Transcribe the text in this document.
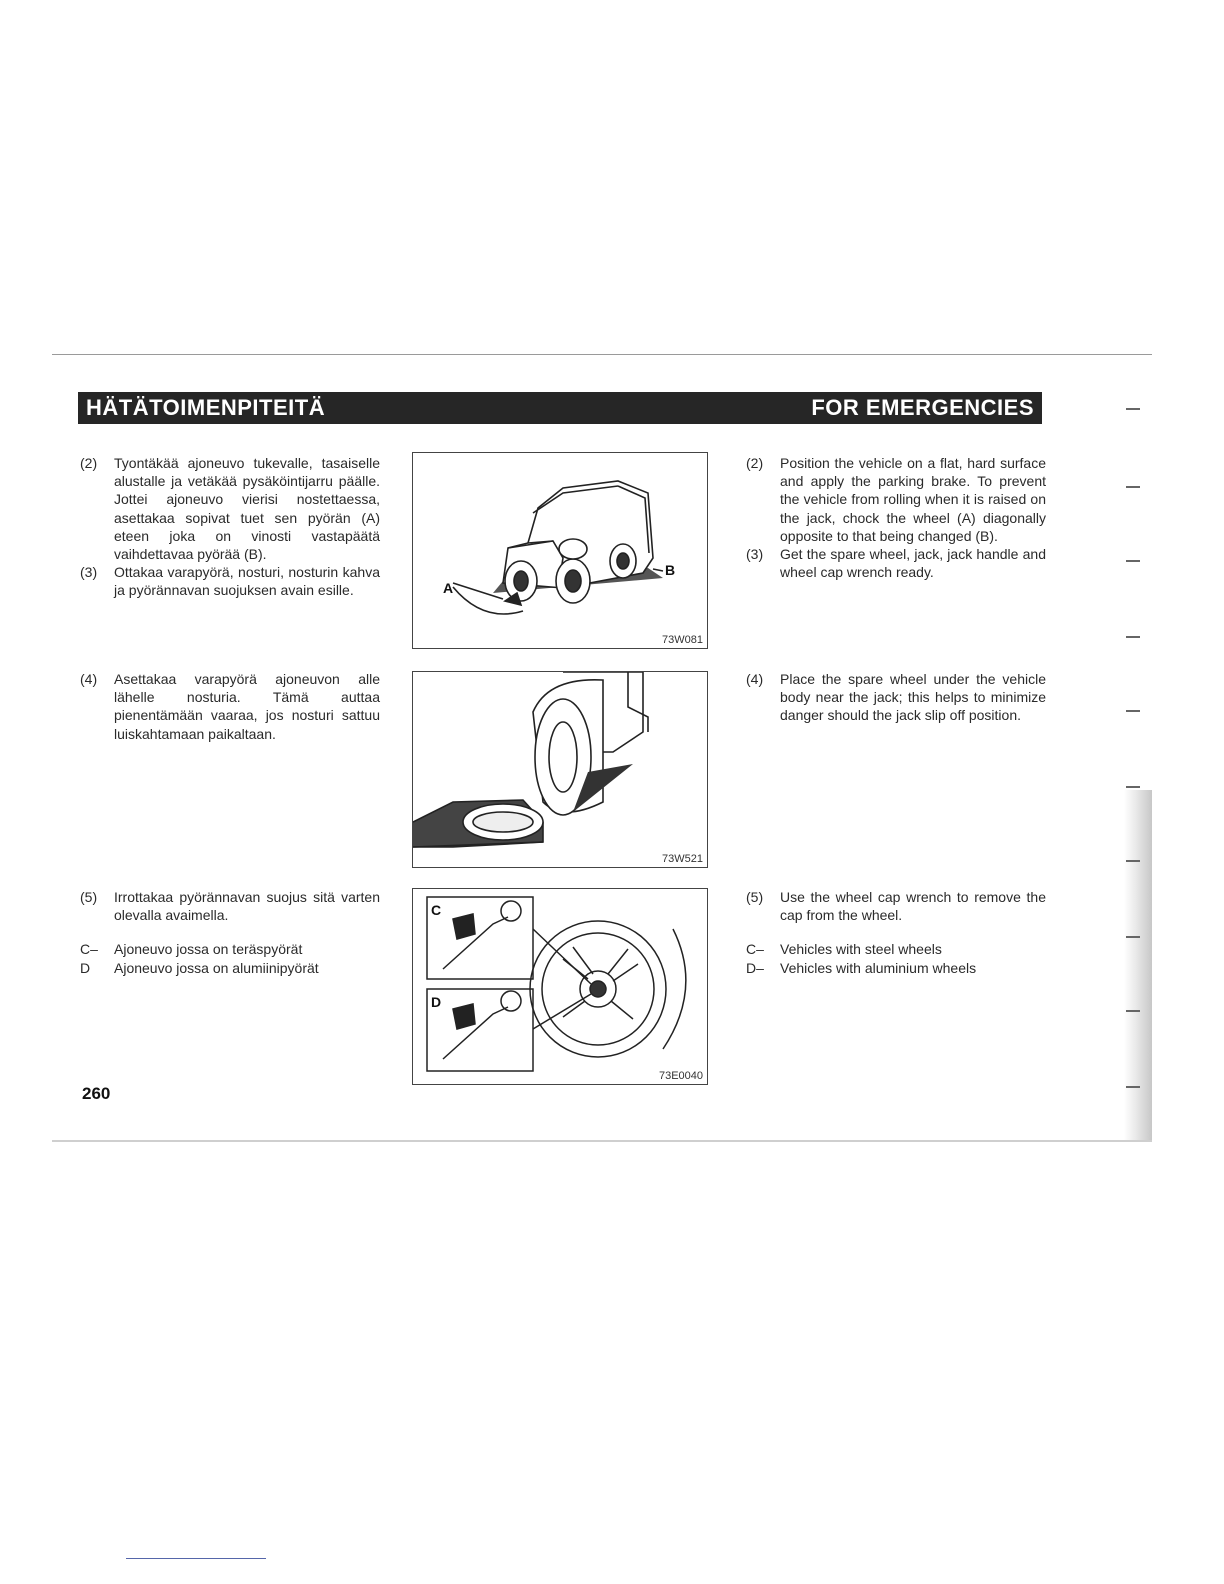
HÄTÄTOIMENPITEITÄ	FOR EMERGENCIES
(2)	Tyontäkää ajoneuvo tukevalle, tasaiselle alustalle ja vetäkää pysäköintijarru päälle. Jottei ajoneuvo vierisi nostettaessa, asettakaa sopivat tuet sen pyörän (A) eteen joka on vinosti vastapäätä vaihdettavaa pyörää (B).
(3)	Ottakaa varapyörä, nosturi, nosturin kahva ja pyörännavan suojuksen avain esille.
(4)	Asettakaa varapyörä ajoneuvon alle lähelle nosturia. Tämä auttaa pienentämään vaaraa, jos nosturi sattuu luiskahtamaan paikaltaan.
(5)	Irrottakaa pyörännavan suojus sitä varten olevalla avaimella.
C–	Ajoneuvo jossa on teräspyörät
D	Ajoneuvo jossa on alumiinipyörät
(2)	Position the vehicle on a flat, hard surface and apply the parking brake. To prevent the vehicle from rolling when it is raised on the jack, chock the wheel (A) diagonally opposite to that being changed (B).
(3)	Get the spare wheel, jack, jack handle and wheel cap wrench ready.
(4)	Place the spare wheel under the vehicle body near the jack; this helps to minimize danger should the jack slip off position.
(5)	Use the wheel cap wrench to remove the cap from the wheel.
C–	Vehicles with steel wheels
D–	Vehicles with aluminium wheels
A
B
73W081
73W521
C
D
73E0040
260
